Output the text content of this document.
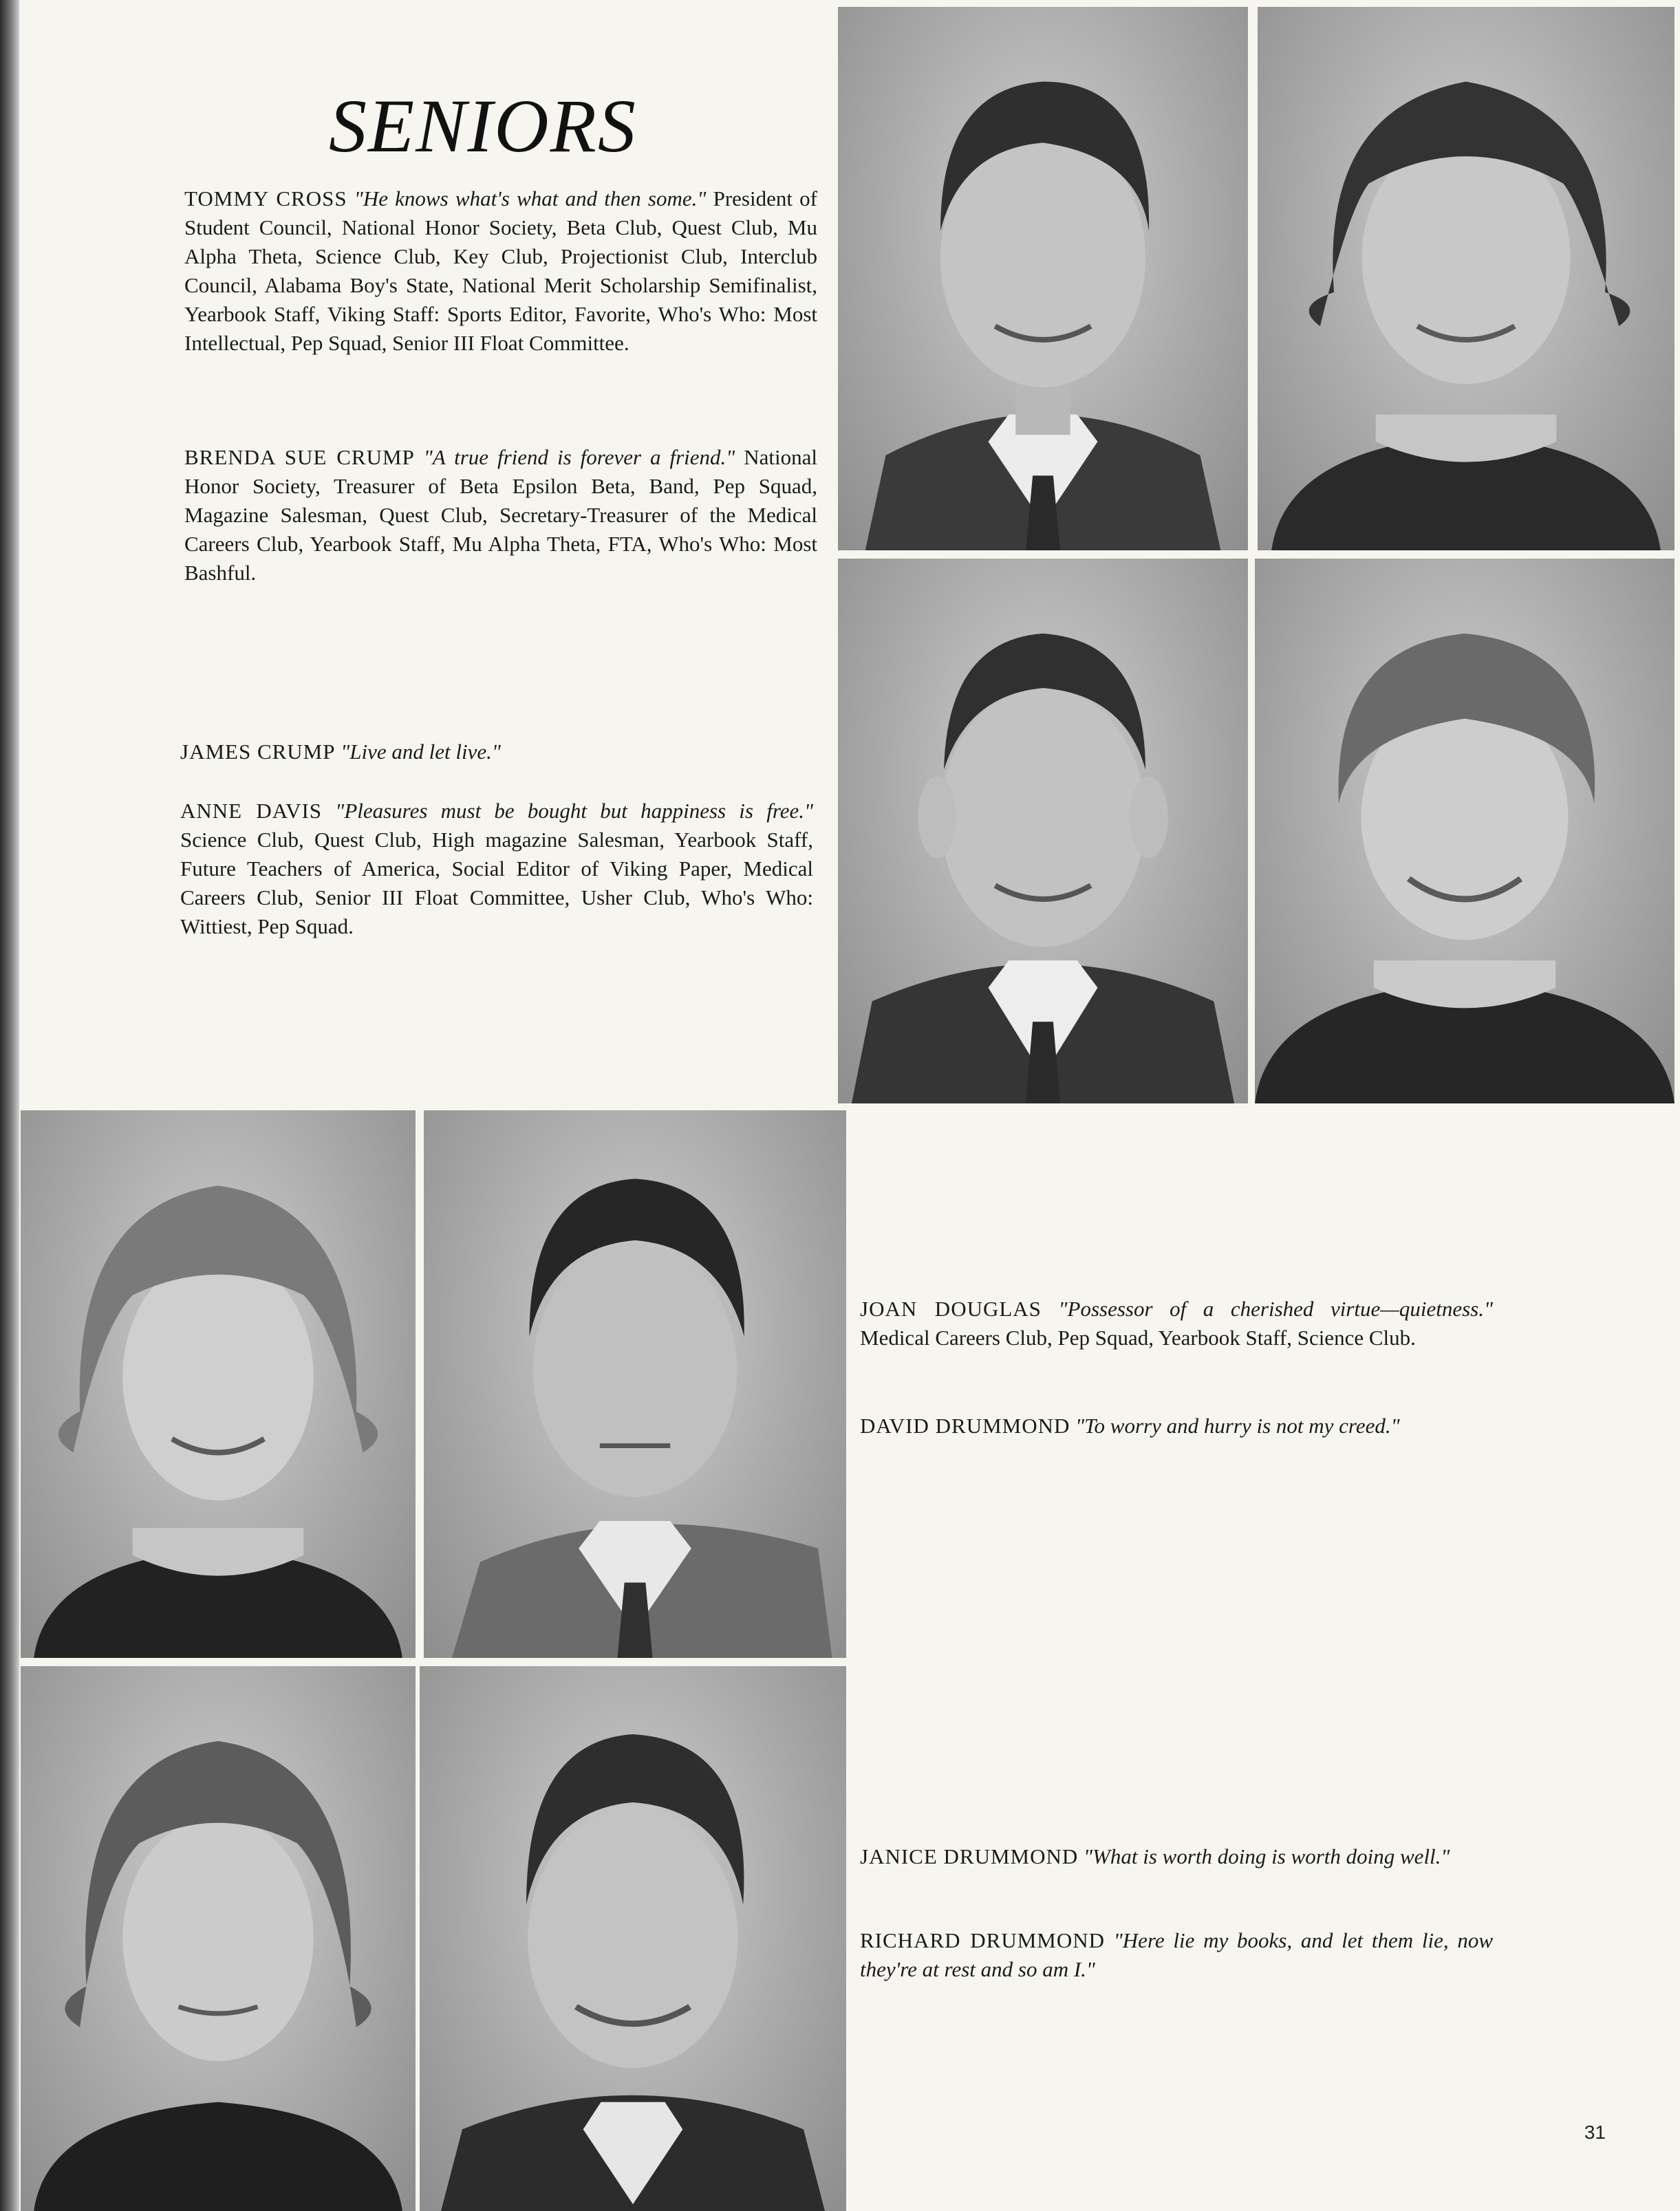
SENIORS

TOMMY CROSS "He knows what's what and then some." President of Student Council, National Honor Society, Beta Club, Quest Club, Mu Alpha Theta, Science Club, Key Club, Projectionist Club, Interclub Council, Alabama Boy's State, National Merit Scholarship Semifinalist, Yearbook Staff, Viking Staff: Sports Editor, Favorite, Who's Who: Most Intellectual, Pep Squad, Senior III Float Committee.

BRENDA SUE CRUMP "A true friend is forever a friend." National Honor Society, Treasurer of Beta Epsilon Beta, Band, Pep Squad, Magazine Salesman, Quest Club, Secretary-Treasurer of the Medical Careers Club, Yearbook Staff, Mu Alpha Theta, FTA, Who's Who: Most Bashful.

JAMES CRUMP "Live and let live."

ANNE DAVIS "Pleasures must be bought but happiness is free." Science Club, Quest Club, High magazine Salesman, Yearbook Staff, Future Teachers of America, Social Editor of Viking Paper, Medical Careers Club, Senior III Float Committee, Usher Club, Who's Who: Wittiest, Pep Squad.

JOAN DOUGLAS "Possessor of a cherished virtue—quietness." Medical Careers Club, Pep Squad, Yearbook Staff, Science Club.

DAVID DRUMMOND "To worry and hurry is not my creed."

JANICE DRUMMOND "What is worth doing is worth doing well."

RICHARD DRUMMOND "Here lie my books, and let them lie, now they're at rest and so am I."

31
